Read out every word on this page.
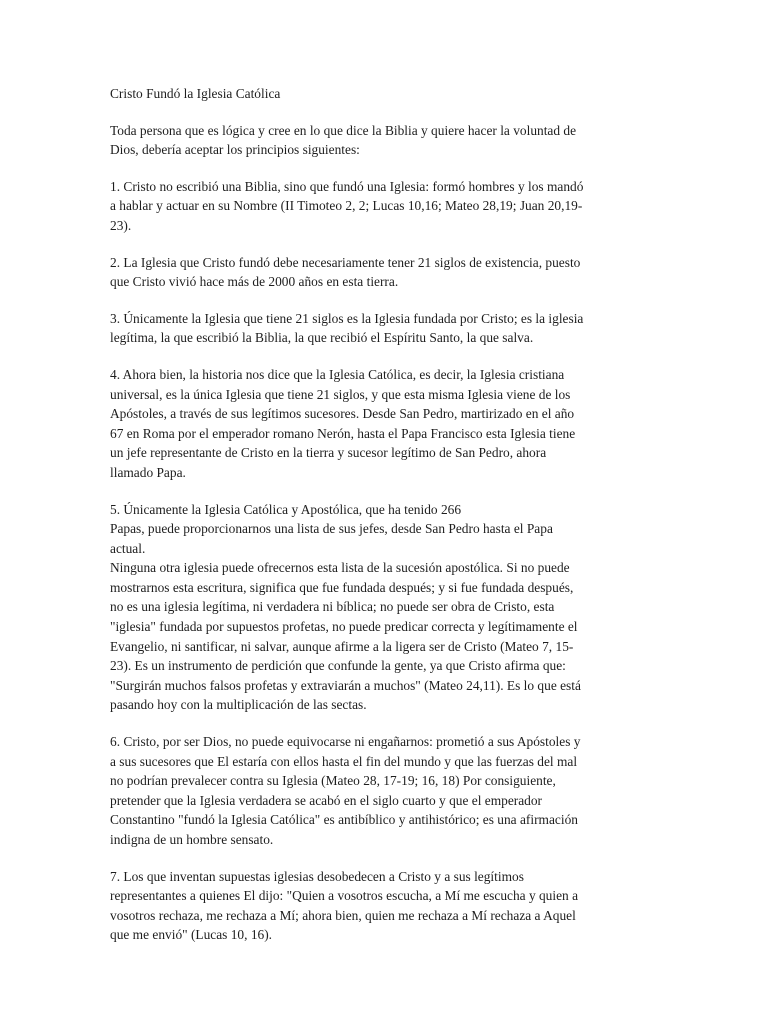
Cristo Fundó la Iglesia Católica

Toda persona que es lógica y cree en lo que dice la Biblia y quiere hacer la voluntad de
Dios, debería aceptar los principios siguientes:
1. Cristo no escribió una Biblia, sino que fundó una Iglesia: formó hombres y los mandó
a hablar y actuar en su Nombre (II Timoteo 2, 2; Lucas 10,16; Mateo 28,19; Juan 20,19-
23).
2. La Iglesia que Cristo fundó debe necesariamente tener 21 siglos de existencia, puesto
que Cristo vivió hace más de 2000 años en esta tierra.
3. Únicamente la Iglesia que tiene 21 siglos es la Iglesia fundada por Cristo; es la iglesia
legítima, la que escribió la Biblia, la que recibió el Espíritu Santo, la que salva.
4. Ahora bien, la historia nos dice que la Iglesia Católica, es decir, la Iglesia cristiana
universal, es la única Iglesia que tiene 21 siglos, y que esta misma Iglesia viene de los
Apóstoles, a través de sus legítimos sucesores. Desde San Pedro, martirizado en el año
67 en Roma por el emperador romano Nerón, hasta el Papa Francisco esta Iglesia tiene
un jefe representante de Cristo en la tierra y sucesor legítimo de San Pedro, ahora
llamado Papa.
5. Únicamente la Iglesia Católica y Apostólica, que ha tenido 266
Papas, puede proporcionarnos una lista de sus jefes, desde San Pedro hasta el Papa
actual.
Ninguna otra iglesia puede ofrecernos esta lista de la sucesión apostólica. Si no puede
mostrarnos esta escritura, significa que fue fundada después; y si fue fundada después,
no es una iglesia legítima, ni verdadera ni bíblica; no puede ser obra de Cristo, esta
"iglesia" fundada por supuestos profetas, no puede predicar correcta y legítimamente el
Evangelio, ni santificar, ni salvar, aunque afirme a la ligera ser de Cristo (Mateo 7, 15-
23). Es un instrumento de perdición que confunde la gente, ya que Cristo afirma que:
"Surgirán muchos falsos profetas y extraviarán a muchos" (Mateo 24,11). Es lo que está
pasando hoy con la multiplicación de las sectas.
6. Cristo, por ser Dios, no puede equivocarse ni engañarnos: prometió a sus Apóstoles y
a sus sucesores que El estaría con ellos hasta el fin del mundo y que las fuerzas del mal
no podrían prevalecer contra su Iglesia (Mateo 28, 17-19; 16, 18) Por consiguiente,
pretender que la Iglesia verdadera se acabó en el siglo cuarto y que el emperador
Constantino "fundó la Iglesia Católica" es antibíblico y antihistórico; es una afirmación
indigna de un hombre sensato.
7. Los que inventan supuestas iglesias desobedecen a Cristo y a sus legítimos
representantes a quienes El dijo: "Quien a vosotros escucha, a Mí me escucha y quien a
vosotros rechaza, me rechaza a Mí; ahora bien, quien me rechaza a Mí rechaza a Aquel
que me envió" (Lucas 10, 16).
